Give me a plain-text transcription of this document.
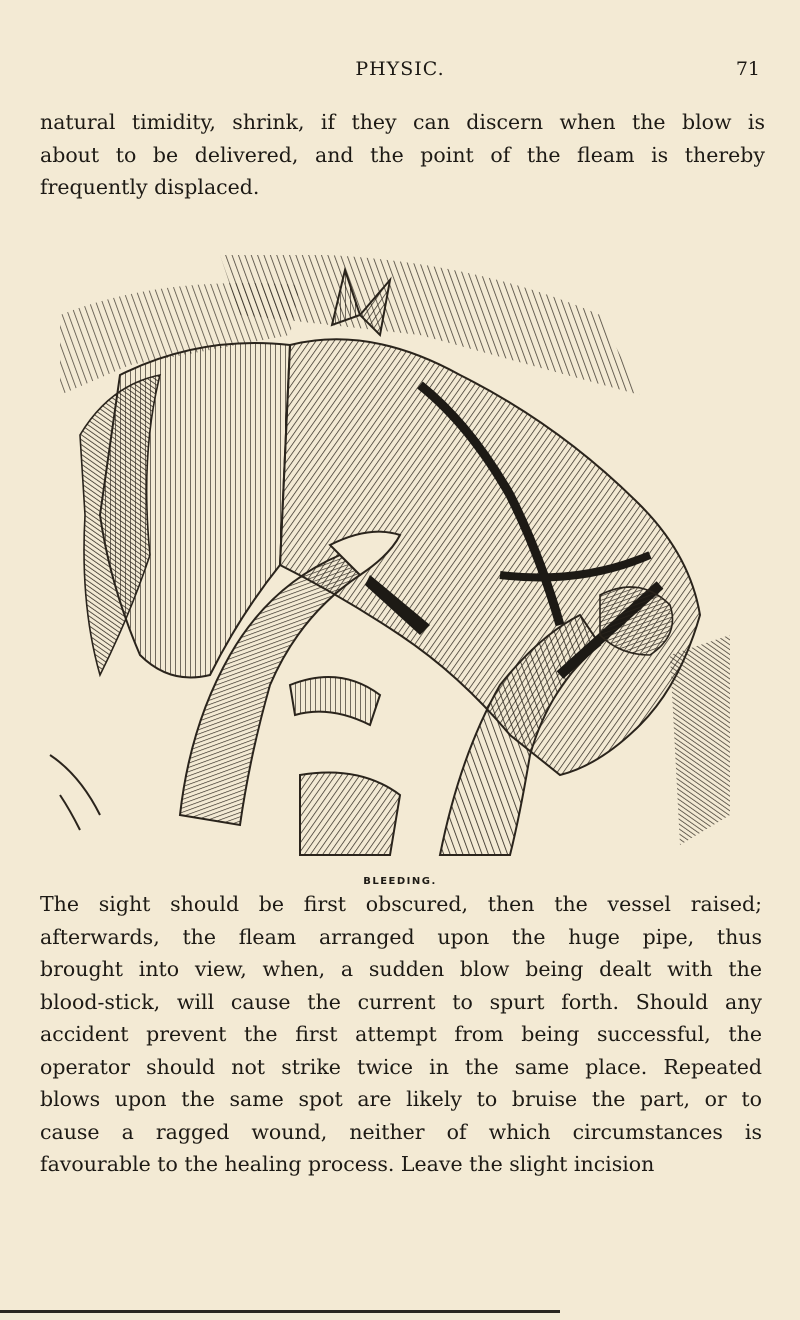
PHYSIC.	71
natural timidity, shrink, if they can discern when the blow is
about to be delivered, and the point of the fleam is thereby
frequently displaced.
BLEEDING.
The sight should be first obscured, then the vessel raised;
afterwards, the fleam arranged upon the huge pipe, thus
brought into view, when, a sudden blow being dealt with the
blood-stick, will cause the current to spurt forth. Should any
accident prevent the first attempt from being successful, the
operator should not strike twice in the same place. Repeated
blows upon the same spot are likely to bruise the part, or to
cause a ragged wound, neither of which circumstances is
favourable to the healing process. Leave the slight incision
